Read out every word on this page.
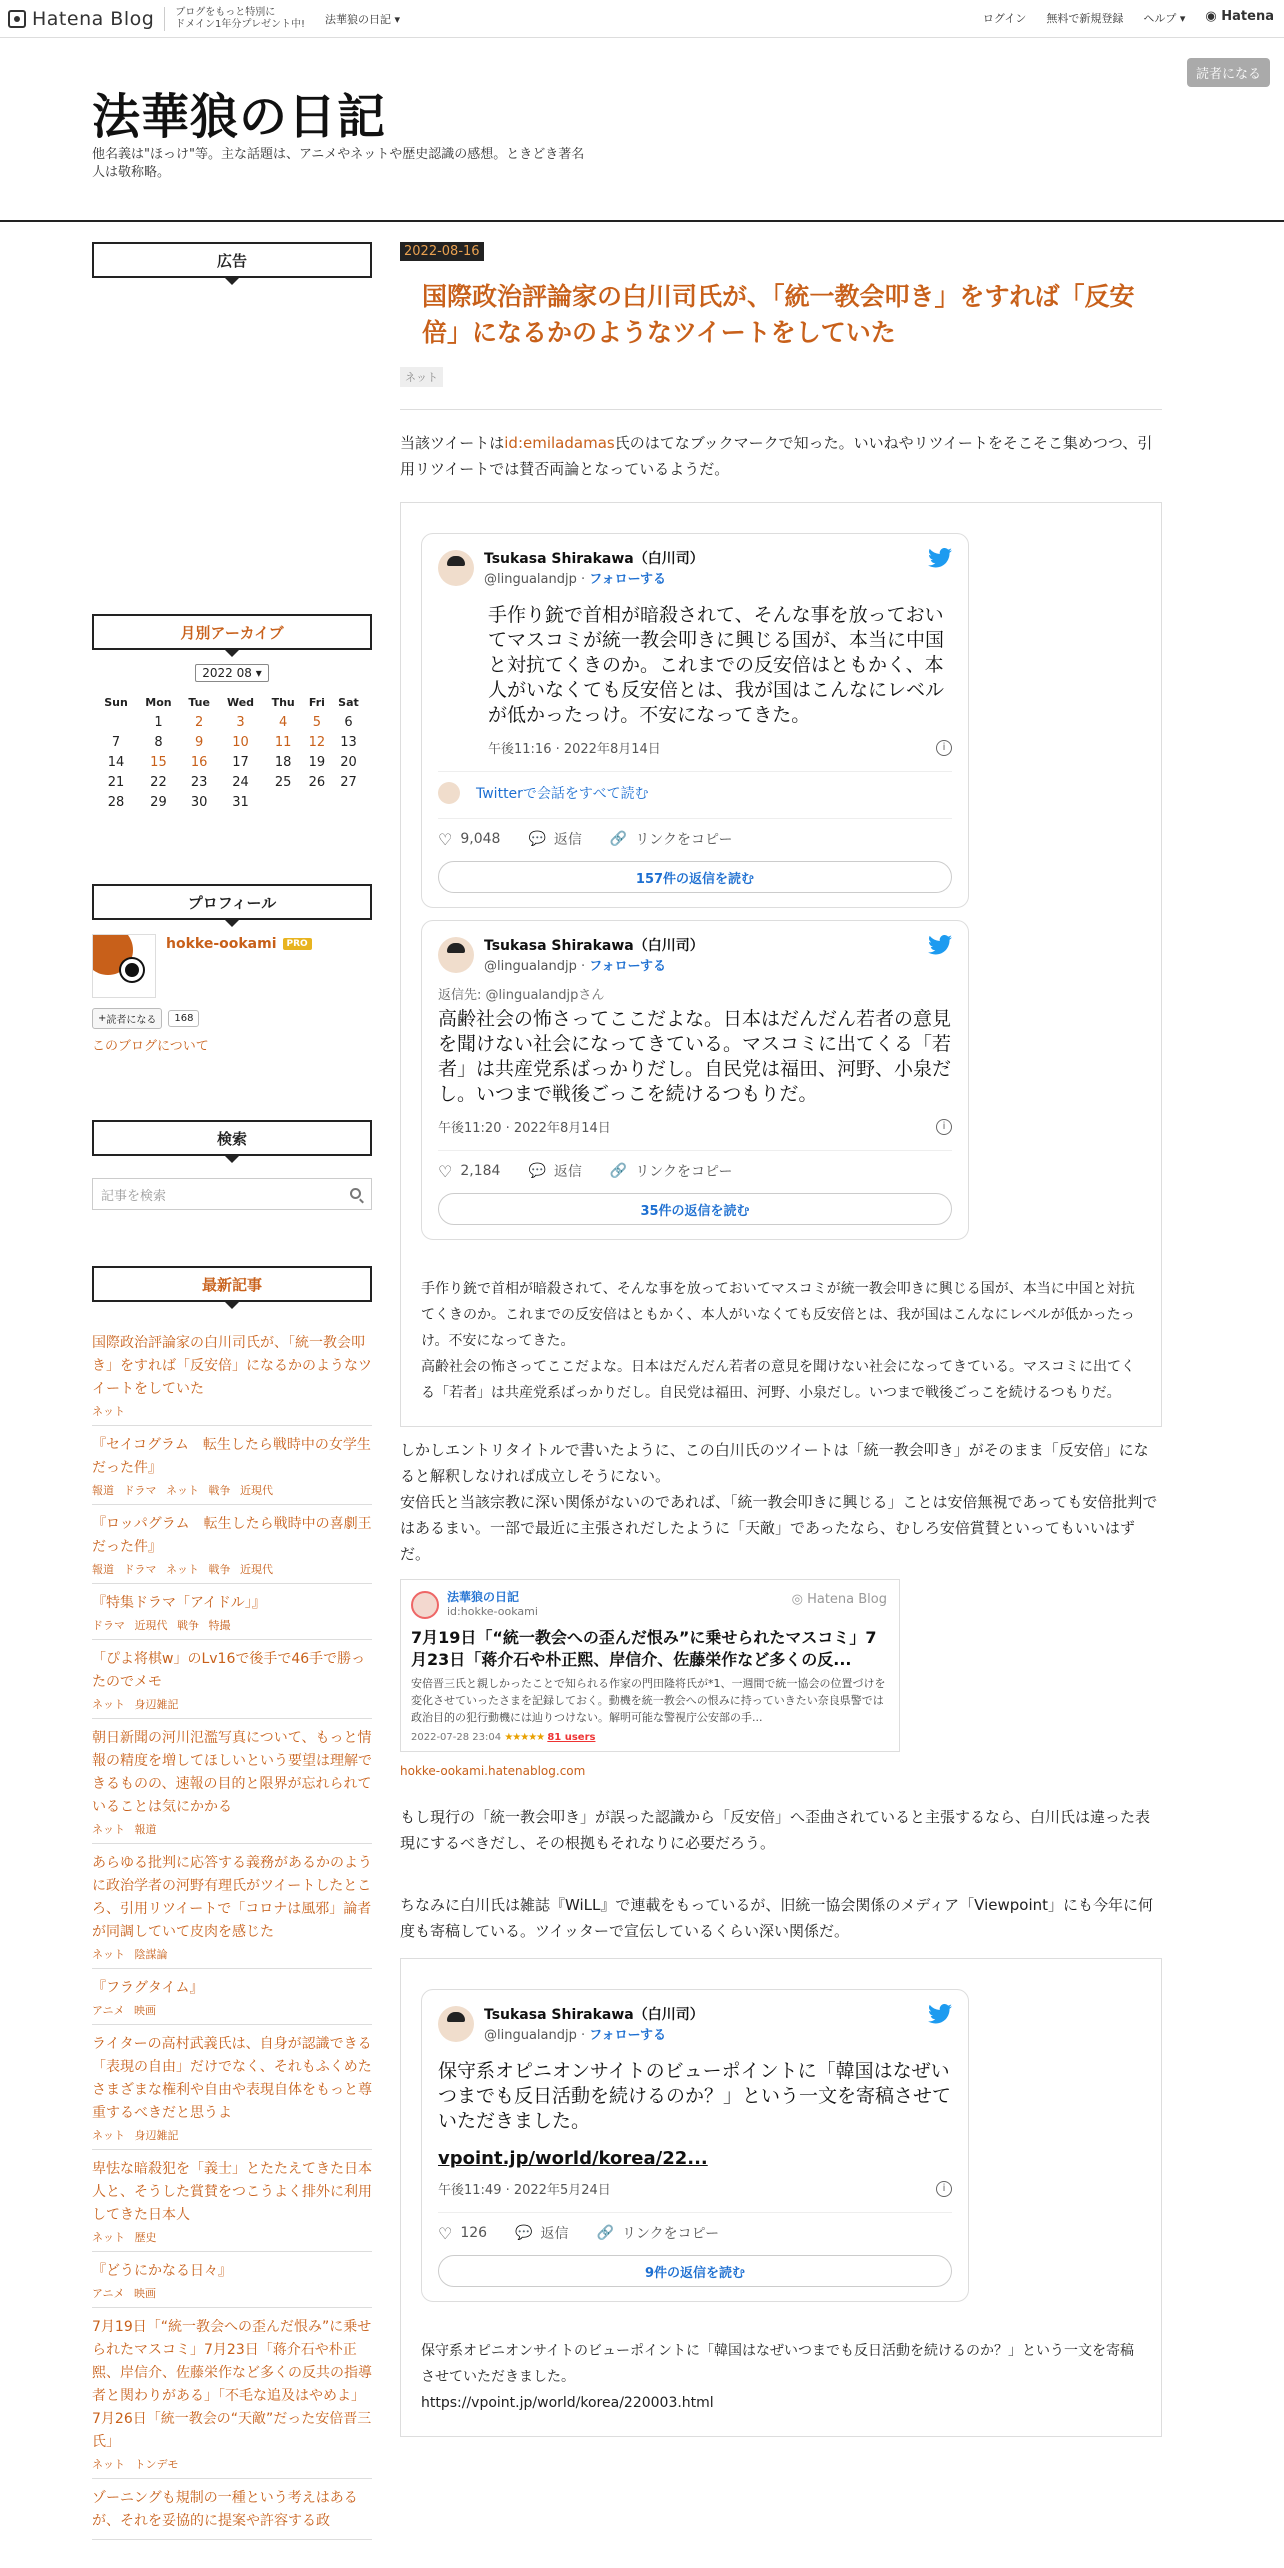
Hatena Blog ブログをもっと特別に
ドメイン1年分プレゼント中! 法華狼の日記 ▾	ログイン 無料で新規登録 ヘルプ ▾ ◉ Hatena
法華狼の日記
他名義は"ほっけ"等。主な話題は、アニメやネットや歴史認識の感想。ときどき著名人は敬称略。
読者になる
広告
月別アーカイブ
2022 08 ▾
Sun	Mon	Tue	Wed	Thu	Fri	Sat
	1	2	3	4	5	6
7	8	9	10	11	12	13
14	15	16	17	18	19	20
21	22	23	24	25	26	27
28	29	30	31			
プロフィール
hokke-ookami PRO
+ 読者になる 168
このブログについて
検索
記事を検索
最新記事
国際政治評論家の白川司氏が、「統一教会叩き」をすれば「反安倍」になるかのようなツイートをしていた
ネット
『セイコグラム　転生したら戦時中の女学生だった件』
報道 ドラマ ネット 戦争 近現代
『ロッパグラム　転生したら戦時中の喜劇王だった件』
報道 ドラマ ネット 戦争 近現代
『特集ドラマ「アイドル」』
ドラマ 近現代 戦争 特撮
「ぴよ将棋w」のLv16で後手で46手で勝ったのでメモ
ネット 身辺雑記
朝日新聞の河川氾濫写真について、もっと情報の精度を増してほしいという要望は理解できるものの、速報の目的と限界が忘れられていることは気にかかる
ネット 報道
あらゆる批判に応答する義務があるかのように政治学者の河野有理氏がツイートしたところ、引用リツイートで「コロナは風邪」論者が同調していて皮肉を感じた
ネット 陰謀論
『フラグタイム』
アニメ 映画
ライターの高村武義氏は、自身が認識できる「表現の自由」だけでなく、それもふくめたさまざまな権利や自由や表現自体をもっと尊重するべきだと思うよ
ネット 身辺雑記
卑怯な暗殺犯を「義士」とたたえてきた日本人と、そうした賞賛をつこうよく排外に利用してきた日本人
ネット 歴史
『どうにかなる日々』
アニメ 映画
7月19日「“統一教会への歪んだ恨み”に乗せられたマスコミ」7月23日「蒋介石や朴正熙、岸信介、佐藤栄作など多くの反共の指導者と関わりがある」「不毛な追及はやめよ」7月26日「統一教会の“天敵”だった安倍晋三氏」
ネット トンデモ
ゾーニングも規制の一種という考えはあるが、それを妥協的に提案や許容する政
2022-08-16
国際政治評論家の白川司氏が、「統一教会叩き」をすれば「反安倍」になるかのようなツイートをしていた
ネット
当該ツイートはid:emiladamas氏のはてなブックマークで知った。いいねやリツイートをそこそこ集めつつ、引用リツイートでは賛否両論となっているようだ。
Tsukasa Shirakawa（白川司）
@lingualandjp · フォローする
手作り銃で首相が暗殺されて、そんな事を放っておいてマスコミが統一教会叩きに興じる国が、本当に中国と対抗てくきのか。これまでの反安倍はともかく、本人がいなくても反安倍とは、我が国はこんなにレベルが低かったっけ。不安になってきた。
午後11:16 · 2022年8月14日	i
Twitterで会話をすべて読む
♡ 9,048 💬 返信 🔗 リンクをコピー
157件の返信を読む
Tsukasa Shirakawa（白川司）
@lingualandjp · フォローする
返信先: @lingualandjpさん
高齢社会の怖さってここだよな。日本はだんだん若者の意見を聞けない社会になってきている。マスコミに出てくる「若者」は共産党系ばっかりだし。自民党は福田、河野、小泉だし。いつまで戦後ごっこを続けるつもりだ。
午後11:20 · 2022年8月14日	i
♡ 2,184 💬 返信 🔗 リンクをコピー
35件の返信を読む
手作り銃で首相が暗殺されて、そんな事を放っておいてマスコミが統一教会叩きに興じる国が、本当に中国と対抗てくきのか。これまでの反安倍はともかく、本人がいなくても反安倍とは、我が国はこんなにレベルが低かったっけ。不安になってきた。
高齢社会の怖さってここだよな。日本はだんだん若者の意見を聞けない社会になってきている。マスコミに出てくる「若者」は共産党系ばっかりだし。自民党は福田、河野、小泉だし。いつまで戦後ごっこを続けるつもりだ。
しかしエントリタイトルで書いたように、この白川氏のツイートは「統一教会叩き」がそのまま「反安倍」になると解釈しなければ成立しそうにない。
安倍氏と当該宗教に深い関係がないのであれば、「統一教会叩きに興じる」ことは安倍無視であっても安倍批判ではあるまい。一部で最近に主張されだしたように「天敵」であったなら、むしろ安倍賞賛といってもいいはずだ。
法華狼の日記
id:hokke-ookami
◎ Hatena Blog
7月19日「“統一教会への歪んだ恨み”に乗せられたマスコミ」7月23日「蒋介石や朴正熙、岸信介、佐藤栄作など多くの反...
安倍晋三氏と親しかったことで知られる作家の門田隆将氏が*1、一週間で統一協会の位置づけを変化させていったさまを記録しておく。動機を統一教会への恨みに持っていきたい奈良県警では政治目的の犯行動機には辿りつけない。解明可能な警視庁公安部の手...
2022-07-28 23:04 ★★★★★ 81 users
hokke-ookami.hatenablog.com
もし現行の「統一教会叩き」が誤った認識から「反安倍」へ歪曲されていると主張するなら、白川氏は違った表現にするべきだし、その根拠もそれなりに必要だろう。
ちなみに白川氏は雑誌『WiLL』で連載をもっているが、旧統一協会関係のメディア「Viewpoint」にも今年に何度も寄稿している。ツイッターで宣伝しているくらい深い関係だ。
Tsukasa Shirakawa（白川司）
@lingualandjp · フォローする
保守系オピニオンサイトのビューポイントに「韓国はなぜいつまでも反日活動を続けるのか？」という一文を寄稿させていただきました。
vpoint.jp/world/korea/22...
午後11:49 · 2022年5月24日	i
♡ 126 💬 返信 🔗 リンクをコピー
9件の返信を読む
保守系オピニオンサイトのビューポイントに「韓国はなぜいつまでも反日活動を続けるのか？」という一文を寄稿させていただきました。
https://vpoint.jp/world/korea/220003.html
